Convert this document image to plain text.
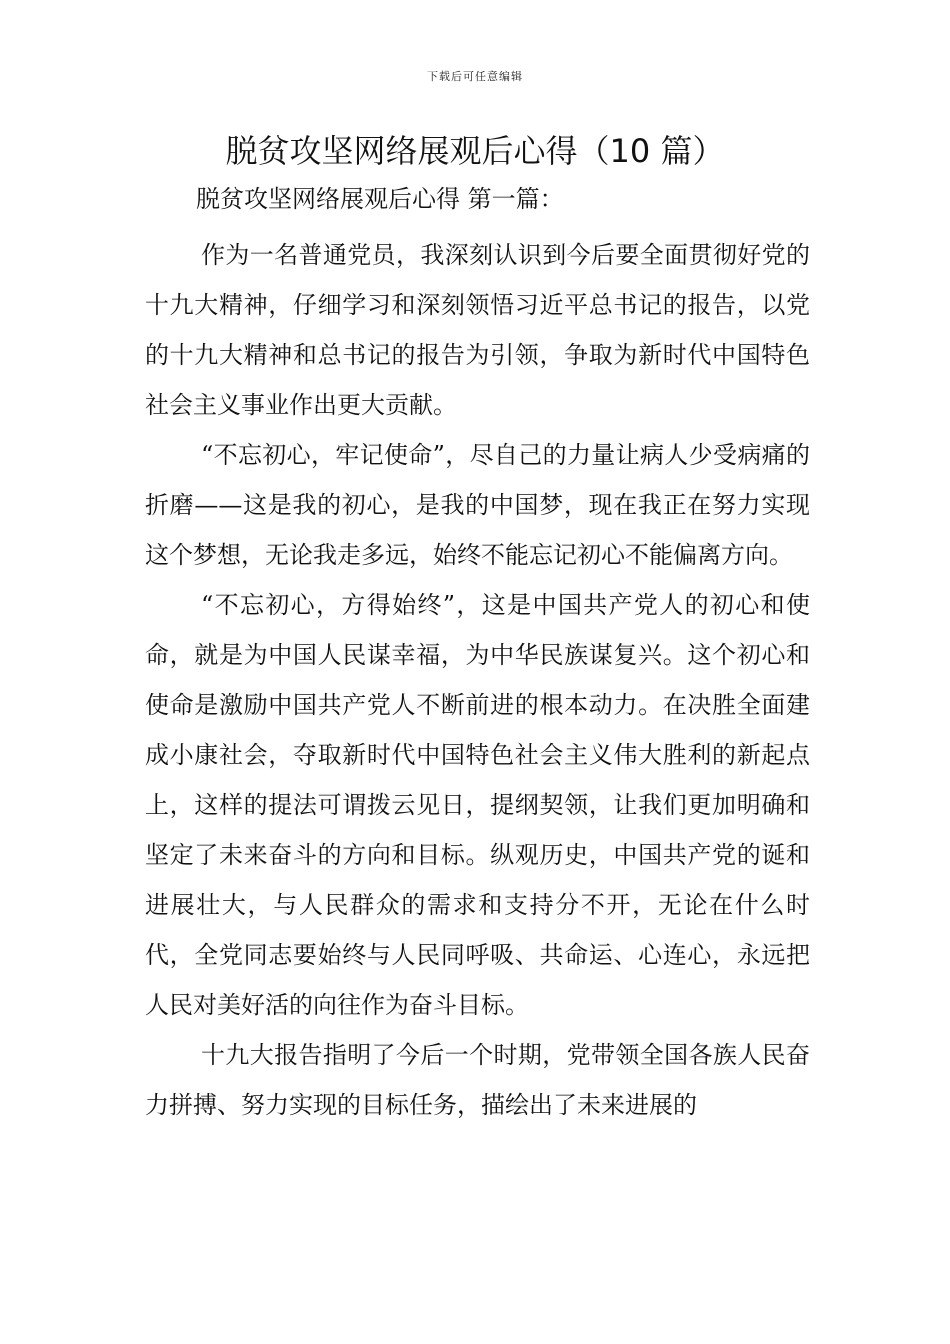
下载后可任意编辑
脱贫攻坚网络展观后心得（10 篇）
脱贫攻坚网络展观后心得 第一篇：

作为一名普通党员，我深刻认识到今后要全面贯彻好党的十九大精神，仔细学习和深刻领悟习近平总书记的报告，以党的十九大精神和总书记的报告为引领，争取为新时代中国特色社会主义事业作出更大贡献。

“不忘初心，牢记使命”，尽自己的力量让病人少受病痛的折磨——这是我的初心，是我的中国梦，现在我正在努力实现这个梦想，无论我走多远，始终不能忘记初心不能偏离方向。

“不忘初心，方得始终”，这是中国共产党人的初心和使命，就是为中国人民谋幸福，为中华民族谋复兴。这个初心和使命是激励中国共产党人不断前进的根本动力。在决胜全面建成小康社会，夺取新时代中国特色社会主义伟大胜利的新起点上，这样的提法可谓拨云见日，提纲契领，让我们更加明确和坚定了未来奋斗的方向和目标。纵观历史，中国共产党的诞和进展壮大，与人民群众的需求和支持分不开，无论在什么时代，全党同志要始终与人民同呼吸、共命运、心连心，永远把人民对美好活的向往作为奋斗目标。

十九大报告指明了今后一个时期，党带领全国各族人民奋力拼搏、努力实现的目标任务，描绘出了未来进展的
